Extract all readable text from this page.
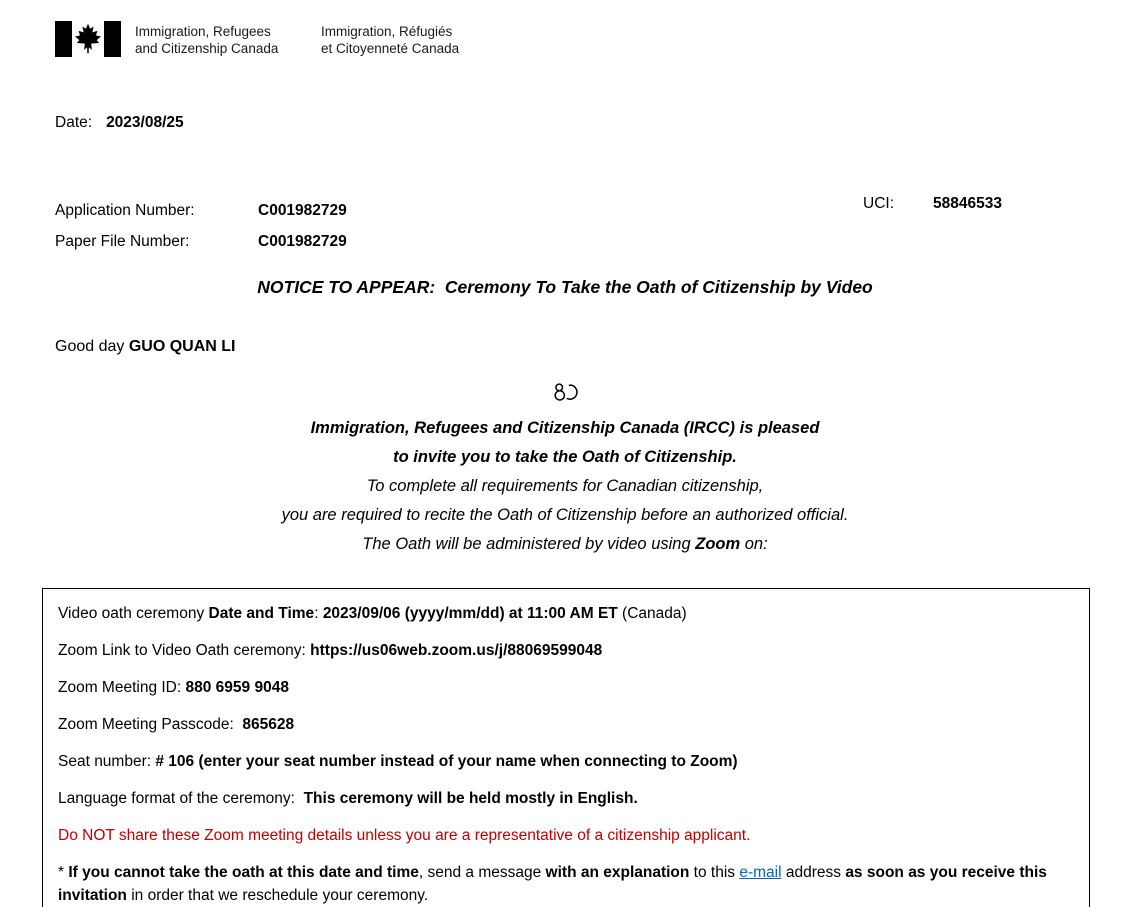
Immigration, Refugees
and Citizenship Canada
Immigration, Réfugiés
et Citoyenneté Canada
Date: 2023/08/25
Application Number:	C001982729
Paper File Number:	C001982729
UCI:	58846533
NOTICE TO APPEAR:  Ceremony To Take the Oath of Citizenship by Video
Good day GUO QUAN LI
Immigration, Refugees and Citizenship Canada (IRCC) is pleased
to invite you to take the Oath of Citizenship.
To complete all requirements for Canadian citizenship,
you are required to recite the Oath of Citizenship before an authorized official.
The Oath will be administered by video using Zoom on:

Video oath ceremony Date and Time: 2023/09/06 (yyyy/mm/dd) at 11:00 AM ET (Canada)

Zoom Link to Video Oath ceremony: https://us06web.zoom.us/j/88069599048

Zoom Meeting ID: 880 6959 9048

Zoom Meeting Passcode:  865628

Seat number: # 106 (enter your seat number instead of your name when connecting to Zoom)

Language format of the ceremony:  This ceremony will be held mostly in English.

Do NOT share these Zoom meeting details unless you are a representative of a citizenship applicant.

* If you cannot take the oath at this date and time, send a message with an explanation to this e-mail address as soon as you receive this invitation in order that we reschedule your ceremony.
